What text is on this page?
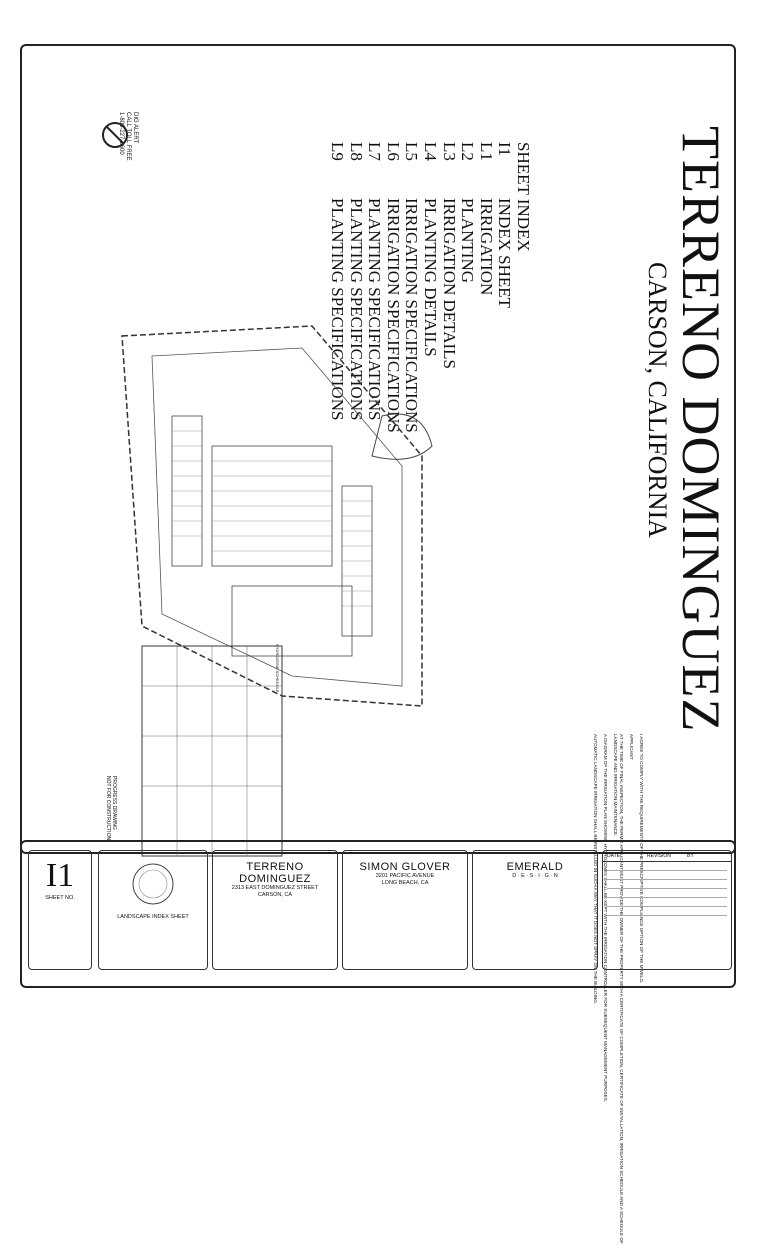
TERRENO DOMINGUEZ
CARSON, CALIFORNIA
SHEET INDEX
I1
INDEX SHEET
L1
IRRIGATION
L2
PLANTING
L3
IRRIGATION DETAILS
L4
PLANTING DETAILS
L5
IRRIGATION SPECIFICATIONS
L6
IRRIGATION SPECIFICATIONS
L7
PLANTING SPECIFICATIONS
L8
PLANTING SPECIFICATIONS
L9
PLANTING SPECIFICATIONS
DIG ALERT
CALL TOLL FREE
1-800-227-2600

I AGREE TO COMPLY WITH THE REQUIREMENTS OF THE PRESCRIPTIVE COMPLIANCE OPTION OF THE MWELO.

APPLICANT

AT THE TIME OF FINAL INSPECTION, THE PERMIT APPLICANT MUST PROVIDE THE OWNER OF THE PROPERTY WITH A CERTIFICATE OF COMPLETION, CERTIFICATE OF INSTALLATION, IRRIGATION SCHEDULE AND A SCHEDULE OF LANDSCAPE AND IRRIGATION MAINTENANCE.

A DIAGRAM OF THE IRRIGATION PLAN SHOWING HYDROZONES SHALL BE KEPT WITH THE IRRIGATION CONTROLLER FOR SUBSEQUENT MANAGEMENT PURPOSES.

AUTOMATIC LANDSCAPE IRRIGATION SHALL BE INSTALLED IN SUCH A WAY THAT IT DOES NOT SPRAY ON THE BUILDING.

HYDROZONE SCHEDULE
PROGRESS DRAWING
NOT FOR CONSTRUCTION
I1
SHEET NO.
LANDSCAPE INDEX SHEET
TERRENO DOMINGUEZ
2313 EAST DOMINGUEZ STREET
CARSON, CA
SIMON GLOVER
3201 PACIFIC AVENUE
LONG BEACH, CA
EMERALD
D · E · S · I · G · N
DATE	REVISION	BY
